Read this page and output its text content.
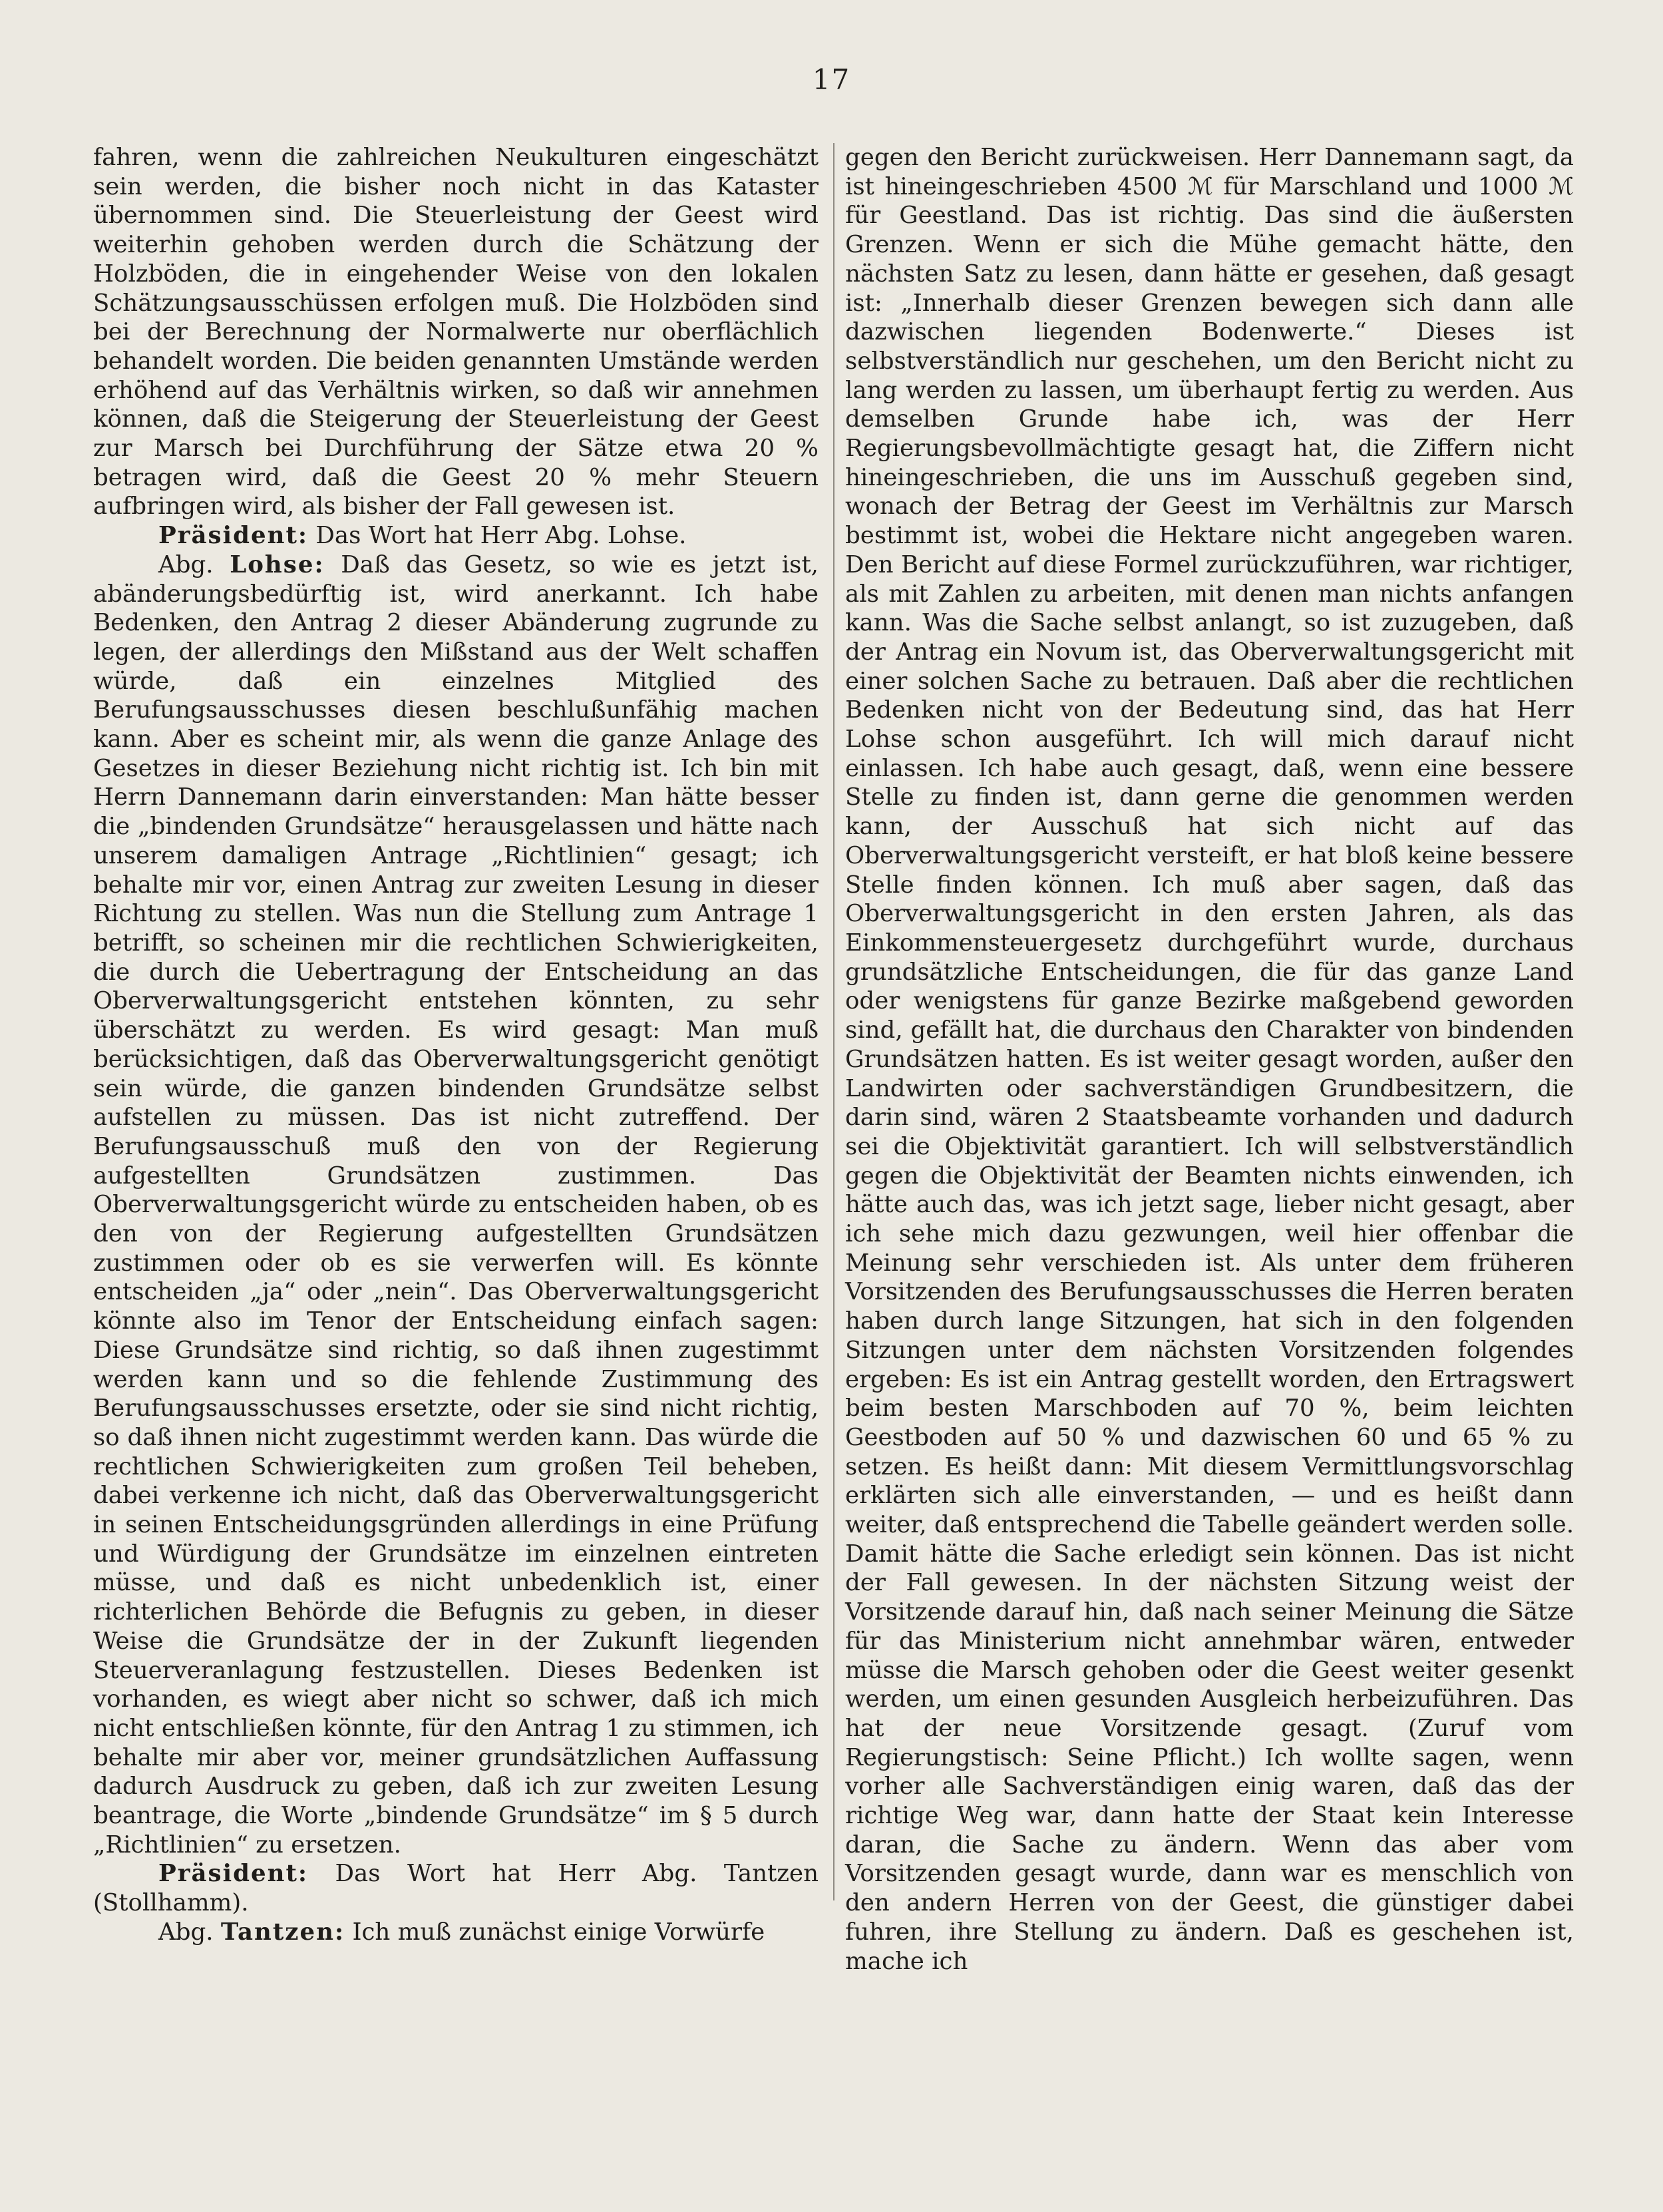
17

fahren, wenn die zahlreichen Neukulturen eingeschätzt sein werden, die bisher noch nicht in das Kataster übernommen sind. Die Steuerleistung der Geest wird weiterhin gehoben werden durch die Schätzung der Holzböden, die in eingehender Weise von den lokalen Schätzungsausschüssen erfolgen muß. Die Holzböden sind bei der Berechnung der Normalwerte nur oberflächlich behandelt worden. Die beiden genannten Umstände werden erhöhend auf das Verhältnis wirken, so daß wir annehmen können, daß die Steigerung der Steuerleistung der Geest zur Marsch bei Durchführung der Sätze etwa 20 % betragen wird, daß die Geest 20 % mehr Steuern aufbringen wird, als bisher der Fall gewesen ist.

Präsident: Das Wort hat Herr Abg. Lohse.

Abg. Lohse: Daß das Gesetz, so wie es jetzt ist, abänderungsbedürftig ist, wird anerkannt. Ich habe Bedenken, den Antrag 2 dieser Abänderung zugrunde zu legen, der allerdings den Mißstand aus der Welt schaffen würde, daß ein einzelnes Mitglied des Berufungsausschusses diesen beschlußunfähig machen kann. Aber es scheint mir, als wenn die ganze Anlage des Gesetzes in dieser Beziehung nicht richtig ist. Ich bin mit Herrn Dannemann darin einverstanden: Man hätte besser die „bindenden Grundsätze“ herausgelassen und hätte nach unserem damaligen Antrage „Richtlinien“ gesagt; ich behalte mir vor, einen Antrag zur zweiten Lesung in dieser Richtung zu stellen. Was nun die Stellung zum Antrage 1 betrifft, so scheinen mir die rechtlichen Schwierigkeiten, die durch die Uebertragung der Entscheidung an das Oberverwaltungsgericht entstehen könnten, zu sehr überschätzt zu werden. Es wird gesagt: Man muß berücksichtigen, daß das Oberverwaltungsgericht genötigt sein würde, die ganzen bindenden Grundsätze selbst aufstellen zu müssen. Das ist nicht zutreffend. Der Berufungsausschuß muß den von der Regierung aufgestellten Grundsätzen zustimmen. Das Oberverwaltungsgericht würde zu entscheiden haben, ob es den von der Regierung aufgestellten Grundsätzen zustimmen oder ob es sie verwerfen will. Es könnte entscheiden „ja“ oder „nein“. Das Oberverwaltungsgericht könnte also im Tenor der Entscheidung einfach sagen: Diese Grundsätze sind richtig, so daß ihnen zugestimmt werden kann und so die fehlende Zustimmung des Berufungsausschusses ersetzte, oder sie sind nicht richtig, so daß ihnen nicht zugestimmt werden kann. Das würde die rechtlichen Schwierigkeiten zum großen Teil beheben, dabei verkenne ich nicht, daß das Oberverwaltungsgericht in seinen Entscheidungsgründen allerdings in eine Prüfung und Würdigung der Grundsätze im einzelnen eintreten müsse, und daß es nicht unbedenklich ist, einer richterlichen Behörde die Befugnis zu geben, in dieser Weise die Grundsätze der in der Zukunft liegenden Steuerveranlagung festzustellen. Dieses Bedenken ist vorhanden, es wiegt aber nicht so schwer, daß ich mich nicht entschließen könnte, für den Antrag 1 zu stimmen, ich behalte mir aber vor, meiner grundsätzlichen Auffassung dadurch Ausdruck zu geben, daß ich zur zweiten Lesung beantrage, die Worte „bindende Grundsätze“ im § 5 durch „Richtlinien“ zu ersetzen.

Präsident: Das Wort hat Herr Abg. Tantzen (Stollhamm).

Abg. Tantzen: Ich muß zunächst einige Vorwürfe

gegen den Bericht zurückweisen. Herr Dannemann sagt, da ist hineingeschrieben 4500 ℳ für Marschland und 1000 ℳ für Geestland. Das ist richtig. Das sind die äußersten Grenzen. Wenn er sich die Mühe gemacht hätte, den nächsten Satz zu lesen, dann hätte er gesehen, daß gesagt ist: „Innerhalb dieser Grenzen bewegen sich dann alle dazwischen liegenden Bodenwerte.“ Dieses ist selbstverständlich nur geschehen, um den Bericht nicht zu lang werden zu lassen, um überhaupt fertig zu werden. Aus demselben Grunde habe ich, was der Herr Regierungsbevollmächtigte gesagt hat, die Ziffern nicht hineingeschrieben, die uns im Ausschuß gegeben sind, wonach der Betrag der Geest im Verhältnis zur Marsch bestimmt ist, wobei die Hektare nicht angegeben waren. Den Bericht auf diese Formel zurückzuführen, war richtiger, als mit Zahlen zu arbeiten, mit denen man nichts anfangen kann. Was die Sache selbst anlangt, so ist zuzugeben, daß der Antrag ein Novum ist, das Oberverwaltungsgericht mit einer solchen Sache zu betrauen. Daß aber die rechtlichen Bedenken nicht von der Bedeutung sind, das hat Herr Lohse schon ausgeführt. Ich will mich darauf nicht einlassen. Ich habe auch gesagt, daß, wenn eine bessere Stelle zu finden ist, dann gerne die genommen werden kann, der Ausschuß hat sich nicht auf das Oberverwaltungsgericht versteift, er hat bloß keine bessere Stelle finden können. Ich muß aber sagen, daß das Oberverwaltungsgericht in den ersten Jahren, als das Einkommensteuergesetz durchgeführt wurde, durchaus grundsätzliche Entscheidungen, die für das ganze Land oder wenigstens für ganze Bezirke maßgebend geworden sind, gefällt hat, die durchaus den Charakter von bindenden Grundsätzen hatten. Es ist weiter gesagt worden, außer den Landwirten oder sachverständigen Grundbesitzern, die darin sind, wären 2 Staatsbeamte vorhanden und dadurch sei die Objektivität garantiert. Ich will selbstverständlich gegen die Objektivität der Beamten nichts einwenden, ich hätte auch das, was ich jetzt sage, lieber nicht gesagt, aber ich sehe mich dazu gezwungen, weil hier offenbar die Meinung sehr verschieden ist. Als unter dem früheren Vorsitzenden des Berufungsausschusses die Herren beraten haben durch lange Sitzungen, hat sich in den folgenden Sitzungen unter dem nächsten Vorsitzenden folgendes ergeben: Es ist ein Antrag gestellt worden, den Ertragswert beim besten Marschboden auf 70 %, beim leichten Geestboden auf 50 % und dazwischen 60 und 65 % zu setzen. Es heißt dann: Mit diesem Vermittlungsvorschlag erklärten sich alle einverstanden, — und es heißt dann weiter, daß entsprechend die Tabelle geändert werden solle. Damit hätte die Sache erledigt sein können. Das ist nicht der Fall gewesen. In der nächsten Sitzung weist der Vorsitzende darauf hin, daß nach seiner Meinung die Sätze für das Ministerium nicht annehmbar wären, entweder müsse die Marsch gehoben oder die Geest weiter gesenkt werden, um einen gesunden Ausgleich herbeizuführen. Das hat der neue Vorsitzende gesagt. (Zuruf vom Regierungstisch: Seine Pflicht.) Ich wollte sagen, wenn vorher alle Sachverständigen einig waren, daß das der richtige Weg war, dann hatte der Staat kein Interesse daran, die Sache zu ändern. Wenn das aber vom Vorsitzenden gesagt wurde, dann war es menschlich von den andern Herren von der Geest, die günstiger dabei fuhren, ihre Stellung zu ändern. Daß es geschehen ist, mache ich
